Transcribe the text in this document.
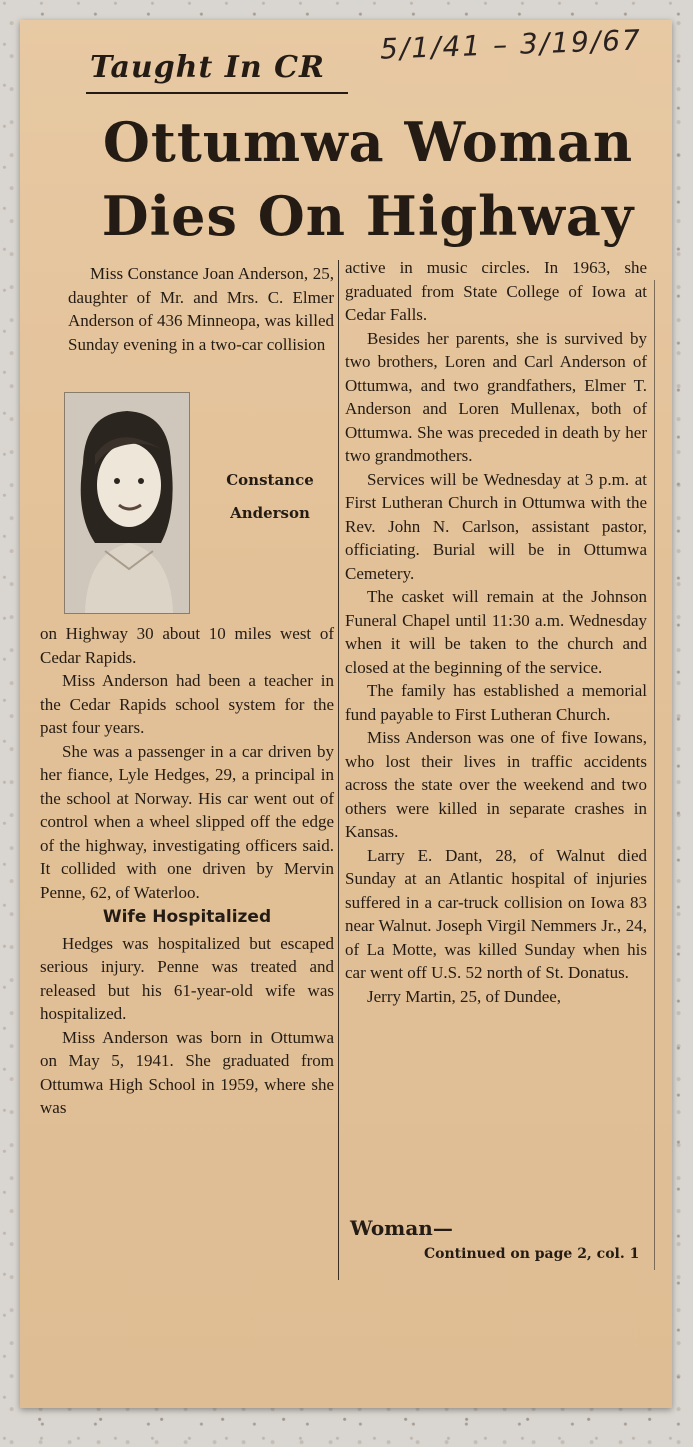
Taught In CR
5/1/41 – 3/19/67
Ottumwa Woman
Dies On Highway

Miss Constance Joan Anderson, 25, daughter of Mr. and Mrs. C. Elmer Anderson of 436 Minneopa, was killed Sunday evening in a two-car collision

Constance
Anderson

on Highway 30 about 10 miles west of Cedar Rapids.

Miss Anderson had been a teacher in the Cedar Rapids school system for the past four years.

She was a passenger in a car driven by her fiance, Lyle Hedges, 29, a principal in the school at Norway. His car went out of control when a wheel slipped off the edge of the highway, investigating officers said. It collided with one driven by Mervin Penne, 62, of Waterloo.

Wife Hospitalized

Hedges was hospitalized but escaped serious injury. Penne was treated and released but his 61-year-old wife was hospitalized.

Miss Anderson was born in Ottumwa on May 5, 1941. She graduated from Ottumwa High School in 1959, where she was

active in music circles. In 1963, she graduated from State College of Iowa at Cedar Falls.

Besides her parents, she is survived by two brothers, Loren and Carl Anderson of Ottumwa, and two grandfathers, Elmer T. Anderson and Loren Mullenax, both of Ottumwa. She was preceded in death by her two grandmothers.

Services will be Wednesday at 3 p.m. at First Lutheran Church in Ottumwa with the Rev. John N. Carlson, assistant pastor, officiating. Burial will be in Ottumwa Cemetery.

The casket will remain at the Johnson Funeral Chapel until 11:30 a.m. Wednesday when it will be taken to the church and closed at the beginning of the service.

The family has established a memorial fund payable to First Lutheran Church.

Miss Anderson was one of five Iowans, who lost their lives in traffic accidents across the state over the weekend and two others were killed in separate crashes in Kansas.

Larry E. Dant, 28, of Walnut died Sunday at an Atlantic hospital of injuries suffered in a car-truck collision on Iowa 83 near Walnut. Joseph Virgil Nemmers Jr., 24, of La Motte, was killed Sunday when his car went off U.S. 52 north of St. Donatus.

Jerry Martin, 25, of Dundee,

Woman—
Continued on page 2, col. 1
